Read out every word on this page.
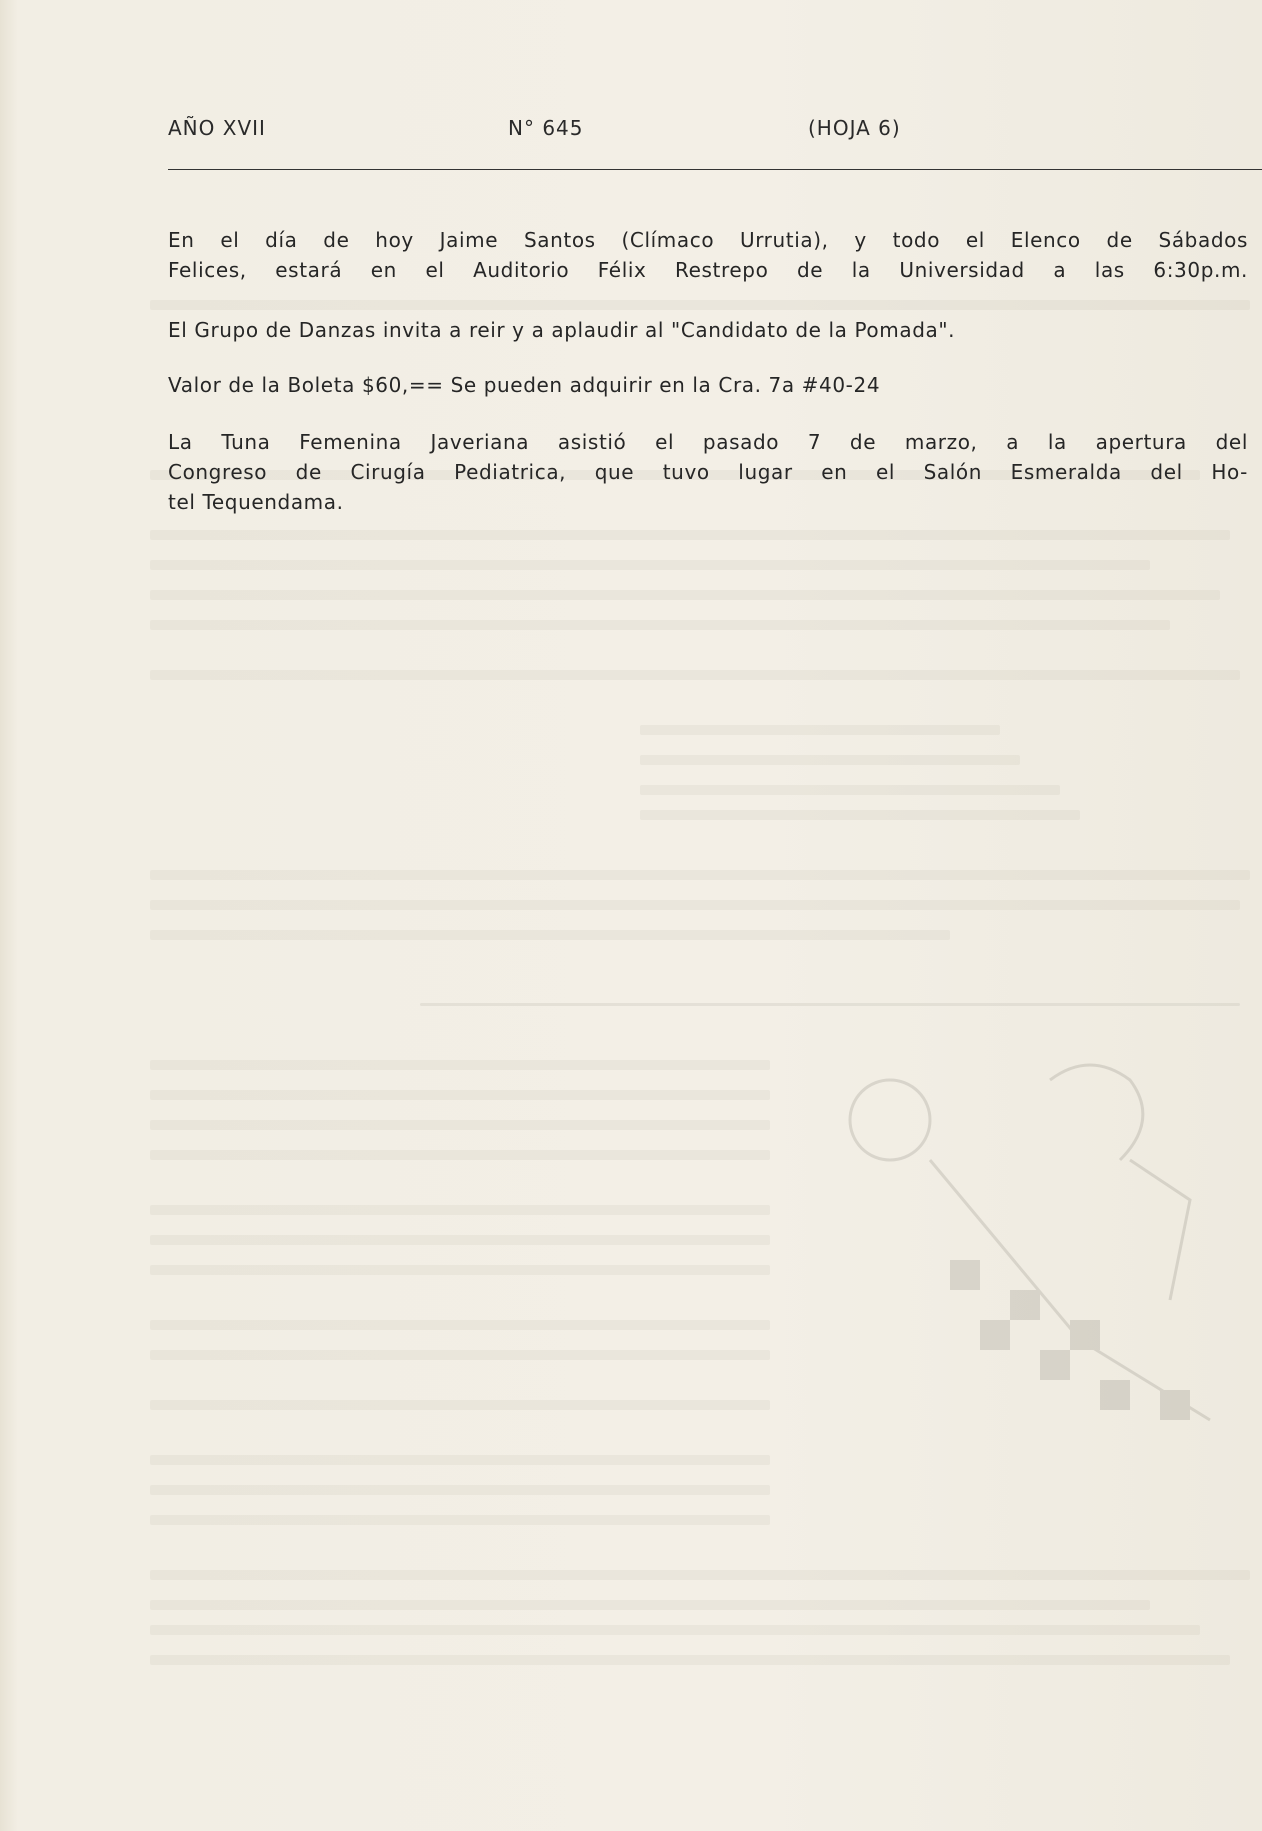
AÑO XVII	N° 645	(HOJA 6)
En el día de hoy Jaime Santos (Clímaco Urrutia), y todo el Elenco de Sábados
Felices, estará en el Auditorio Félix Restrepo de la Universidad a las 6:30p.m.
El Grupo de Danzas invita a reir y a aplaudir al "Candidato de la Pomada".
Valor de la Boleta $60,== Se pueden adquirir en la Cra. 7a #40-24
La Tuna Femenina Javeriana asistió el pasado 7 de marzo, a la apertura del
Congreso de Cirugía Pediatrica, que tuvo lugar en el Salón Esmeralda del Ho-
tel Tequendama.
